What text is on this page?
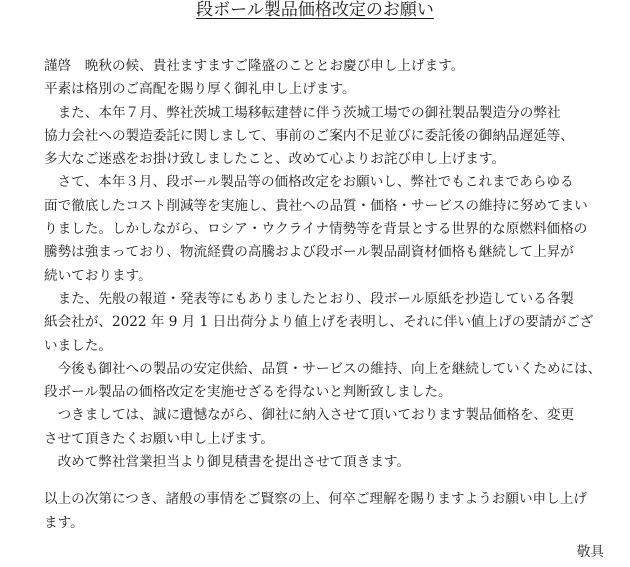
段ボール製品価格改定のお願い
謹啓　晩秋の候、貴社ますますご隆盛のこととお慶び申し上げます。
平素は格別のご高配を賜り厚く御礼申し上げます。
　また、本年７月、弊社茨城工場移転建替に伴う茨城工場での御社製品製造分の弊社
協力会社への製造委託に関しまして、事前のご案内不足並びに委託後の御納品遅延等、
多大なご迷惑をお掛け致しましたこと、改めて心よりお詫び申し上げます。
　さて、本年３月、段ボール製品等の価格改定をお願いし、弊社でもこれまであらゆる
面で徹底したコスト削減等を実施し、貴社への品質・価格・サービスの維持に努めてまい
りました。しかしながら、ロシア・ウクライナ情勢等を背景とする世界的な原燃料価格の
騰勢は強まっており、物流経費の高騰および段ボール製品副資材価格も継続して上昇が
続いております。
　また、先般の報道・発表等にもありましたとおり、段ボール原紙を抄造している各製
紙会社が、2022 年 9 月 1 日出荷分より値上げを表明し、それに伴い値上げの要請がござ
いました。
　今後も御社への製品の安定供給、品質・サービスの維持、向上を継続していくためには、
段ボール製品の価格改定を実施せざるを得ないと判断致しました。
　つきましては、誠に遺憾ながら、御社に納入させて頂いております製品価格を、変更
させて頂きたくお願い申し上げます。
　改めて弊社営業担当より御見積書を提出させて頂きます。
以上の次第につき、諸般の事情をご賢察の上、何卒ご理解を賜りますようお願い申し上げ
ます。
敬具
